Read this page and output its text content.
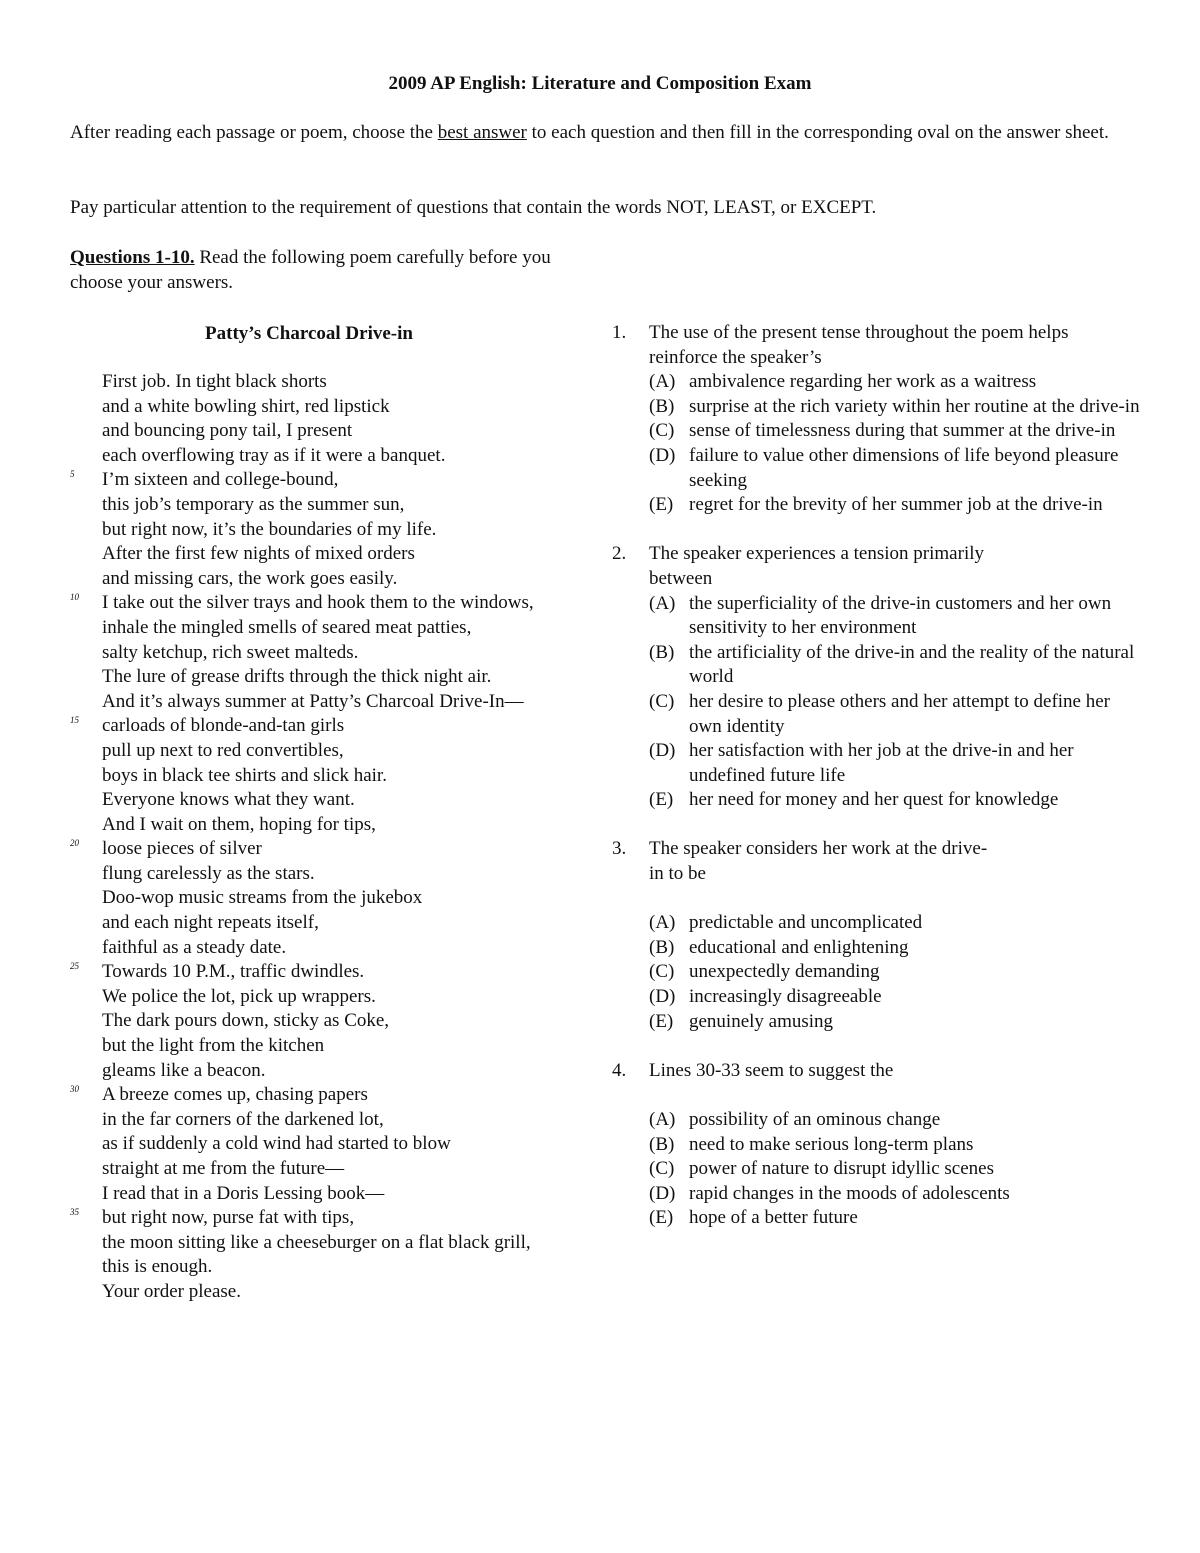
2009 AP English: Literature and Composition Exam

After reading each passage or poem, choose the best answer to each question and then fill in the corresponding oval on the answer sheet.

Pay particular attention to the requirement of questions that contain the words NOT, LEAST, or EXCEPT.

Questions 1-10. Read the following poem carefully before you choose your answers.

Patty’s Charcoal Drive-in
First job. In tight black shorts
and a white bowling shirt, red lipstick
and bouncing pony tail, I present
each overflowing tray as if it were a banquet.
5 I’m sixteen and college-bound,
this job’s temporary as the summer sun,
but right now, it’s the boundaries of my life.
After the first few nights of mixed orders
and missing cars, the work goes easily.
10 I take out the silver trays and hook them to the windows,
inhale the mingled smells of seared meat patties,
salty ketchup, rich sweet malteds.
The lure of grease drifts through the thick night air.
And it’s always summer at Patty’s Charcoal Drive-In—
15 carloads of blonde-and-tan girls
pull up next to red convertibles,
boys in black tee shirts and slick hair.
Everyone knows what they want.
And I wait on them, hoping for tips,
20 loose pieces of silver
flung carelessly as the stars.
Doo-wop music streams from the jukebox
and each night repeats itself,
faithful as a steady date.
25 Towards 10 P.M., traffic dwindles.
We police the lot, pick up wrappers.
The dark pours down, sticky as Coke,
but the light from the kitchen
gleams like a beacon.
30 A breeze comes up, chasing papers
in the far corners of the darkened lot,
as if suddenly a cold wind had started to blow
straight at me from the future—
I read that in a Doris Lessing book—
35 but right now, purse fat with tips,
the moon sitting like a cheeseburger on a flat black grill,
this is enough.
Your order please.
1. The use of the present tense throughout the poem helps reinforce the speaker’s
(A) ambivalence regarding her work as a waitress
(B) surprise at the rich variety within her routine at the drive-in
(C) sense of timelessness during that summer at the drive-in
(D) failure to value other dimensions of life beyond pleasure seeking
(E) regret for the brevity of her summer job at the drive-in
2. The speaker experiences a tension primarily between
(A) the superficiality of the drive-in customers and her own sensitivity to her environment
(B) the artificiality of the drive-in and the reality of the natural world
(C) her desire to please others and her attempt to define her own identity
(D) her satisfaction with her job at the drive-in and her undefined future life
(E) her need for money and her quest for knowledge
3. The speaker considers her work at the drive-in to be
(A) predictable and uncomplicated
(B) educational and enlightening
(C) unexpectedly demanding
(D) increasingly disagreeable
(E) genuinely amusing
4. Lines 30-33 seem to suggest the
(A) possibility of an ominous change
(B) need to make serious long-term plans
(C) power of nature to disrupt idyllic scenes
(D) rapid changes in the moods of adolescents
(E) hope of a better future
